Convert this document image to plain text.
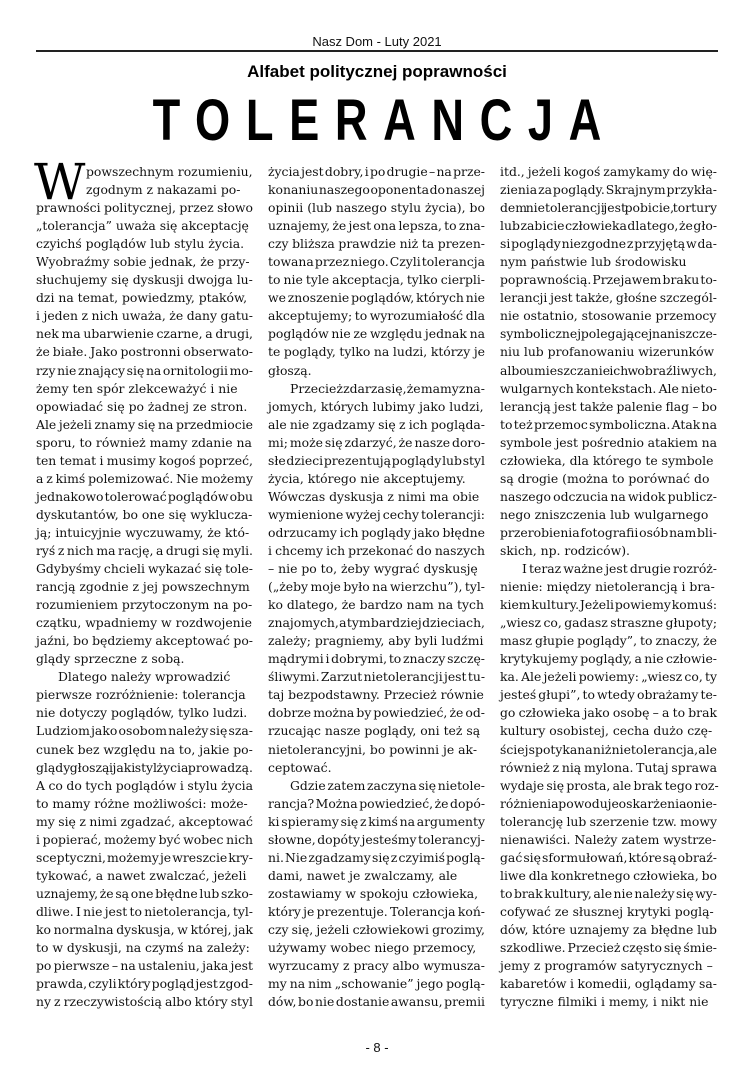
Nasz Dom - Luty 2021
Alfabet politycznej poprawności
TOLERANCJA
W powszechnym rozumieniu,
zgodnym z nakazami po-
prawności politycznej, przez słowo
„tolerancja” uważa się akceptację
czyichś poglądów lub stylu życia.
Wyobraźmy sobie jednak, że przy-
słuchujemy się dyskusji dwojga lu-
dzi na temat, powiedzmy, ptaków,
i jeden z nich uważa, że dany gatu-
nek ma ubarwienie czarne, a drugi,
że białe. Jako postronni obserwato-
rzy nie znający się na ornitologii mo-
żemy ten spór zlekceważyć i nie
opowiadać się po żadnej ze stron.
Ale jeżeli znamy się na przedmiocie
sporu, to również mamy zdanie na
ten temat i musimy kogoś poprzeć,
a z kimś polemizować. Nie możemy
jednakowo tolerować poglądów obu
dyskutantów, bo one się wyklucza-
ją; intuicyjnie wyczuwamy, że któ-
ryś z nich ma rację, a drugi się myli.
Gdybyśmy chcieli wykazać się tole-
rancją zgodnie z jej powszechnym
rozumieniem przytoczonym na po-
czątku, wpadniemy w rozdwojenie
jaźni, bo będziemy akceptować po-
glądy sprzeczne z sobą.
Dlatego należy wprowadzić
pierwsze rozróżnienie: tolerancja
nie dotyczy poglądów, tylko ludzi.
Ludziom jako osobom należy się sza-
cunek bez względu na to, jakie po-
glądy głoszą i jaki styl życia prowadzą.
A co do tych poglądów i stylu życia
to mamy różne możliwości: może-
my się z nimi zgadzać, akceptować
i popierać, możemy być wobec nich
sceptyczni, możemy je wreszcie kry-
tykować, a nawet zwalczać, jeżeli
uznajemy, że są one błędne lub szko-
dliwe. I nie jest to nietolerancja, tyl-
ko normalna dyskusja, w której, jak
to w dyskusji, na czymś na zależy:
po pierwsze – na ustaleniu, jaka jest
prawda, czyli który pogląd jest zgod-
ny z rzeczywistością albo który styl
życia jest dobry, i po drugie – na prze-
konaniu naszego oponenta do naszej
opinii (lub naszego stylu życia), bo
uznajemy, że jest ona lepsza, to zna-
czy bliższa prawdzie niż ta prezen-
towana przez niego. Czyli tolerancja
to nie tyle akceptacja, tylko cierpli-
we znoszenie poglądów, których nie
akceptujemy; to wyrozumiałość dla
poglądów nie ze względu jednak na
te poglądy, tylko na ludzi, którzy je
głoszą.
Przecież zdarza się, że mamy zna-
jomych, których lubimy jako ludzi,
ale nie zgadzamy się z ich pogląda-
mi; może się zdarzyć, że nasze doro-
słe dzieci prezentują poglądy lub styl
życia, którego nie akceptujemy.
Wówczas dyskusja z nimi ma obie
wymienione wyżej cechy tolerancji:
odrzucamy ich poglądy jako błędne
i chcemy ich przekonać do naszych
– nie po to, żeby wygrać dyskusję
(„żeby moje było na wierzchu”), tyl-
ko dlatego, że bardzo nam na tych
znajomych, a tym bardziej dzieciach,
zależy; pragniemy, aby byli ludźmi
mądrymi i dobrymi, to znaczy szczę-
śliwymi. Zarzut nietolerancji jest tu-
taj bezpodstawny. Przecież równie
dobrze można by powiedzieć, że od-
rzucając nasze poglądy, oni też są
nietolerancyjni, bo powinni je ak-
ceptować.
Gdzie zatem zaczyna się nietole-
rancja? Można powiedzieć, że dopó-
ki spieramy się z kimś na argumenty
słowne, dopóty jesteśmy tolerancyj-
ni. Nie zgadzamy się z czyimiś poglą-
dami, nawet je zwalczamy, ale
zostawiamy w spokoju człowieka,
który je prezentuje. Tolerancja koń-
czy się, jeżeli człowiekowi grozimy,
używamy wobec niego przemocy,
wyrzucamy z pracy albo wymusza-
my na nim „schowanie” jego poglą-
dów, bo nie dostanie awansu, premii
itd., jeżeli kogoś zamykamy do wię-
zienia za poglądy. Skrajnym przykła-
dem nietolerancji jest pobicie, tortury
lub zabicie człowieka dlatego, że gło-
si poglądy niezgodne z przyjętą w da-
nym państwie lub środowisku
poprawnością. Przejawem braku to-
lerancji jest także, głośne szczegól-
nie ostatnio, stosowanie przemocy
symbolicznej polegającej na niszcze-
niu lub profanowaniu wizerunków
albo umieszczanie ich w obraźliwych,
wulgarnych kontekstach. Ale nieto-
lerancją jest także palenie flag – bo
to też przemoc symboliczna. Atak na
symbole jest pośrednio atakiem na
człowieka, dla którego te symbole
są drogie (można to porównać do
naszego odczucia na widok publicz-
nego zniszczenia lub wulgarnego
przerobienia fotografii osób nam bli-
skich, np. rodziców).
I teraz ważne jest drugie rozróż-
nienie: między nietolerancją i bra-
kiem kultury. Jeżeli powiemy komuś:
„wiesz co, gadasz straszne głupoty;
masz głupie poglądy”, to znaczy, że
krytykujemy poglądy, a nie człowie-
ka. Ale jeżeli powiemy: „wiesz co, ty
jesteś głupi”, to wtedy obrażamy te-
go człowieka jako osobę – a to brak
kultury osobistej, cecha dużo czę-
ściej spotykana niż nietolerancja, ale
również z nią mylona. Tutaj sprawa
wydaje się prosta, ale brak tego roz-
różnienia powoduje oskarżenia o nie-
tolerancję lub szerzenie tzw. mowy
nienawiści. Należy zatem wystrze-
gać się sformułowań, które są obraź-
liwe dla konkretnego człowieka, bo
to brak kultury, ale nie należy się wy-
cofywać ze słusznej krytyki poglą-
dów, które uznajemy za błędne lub
szkodliwe. Przecież często się śmie-
jemy z programów satyrycznych –
kabaretów i komedii, oglądamy sa-
tyryczne filmiki i memy, i nikt nie
- 8 -
